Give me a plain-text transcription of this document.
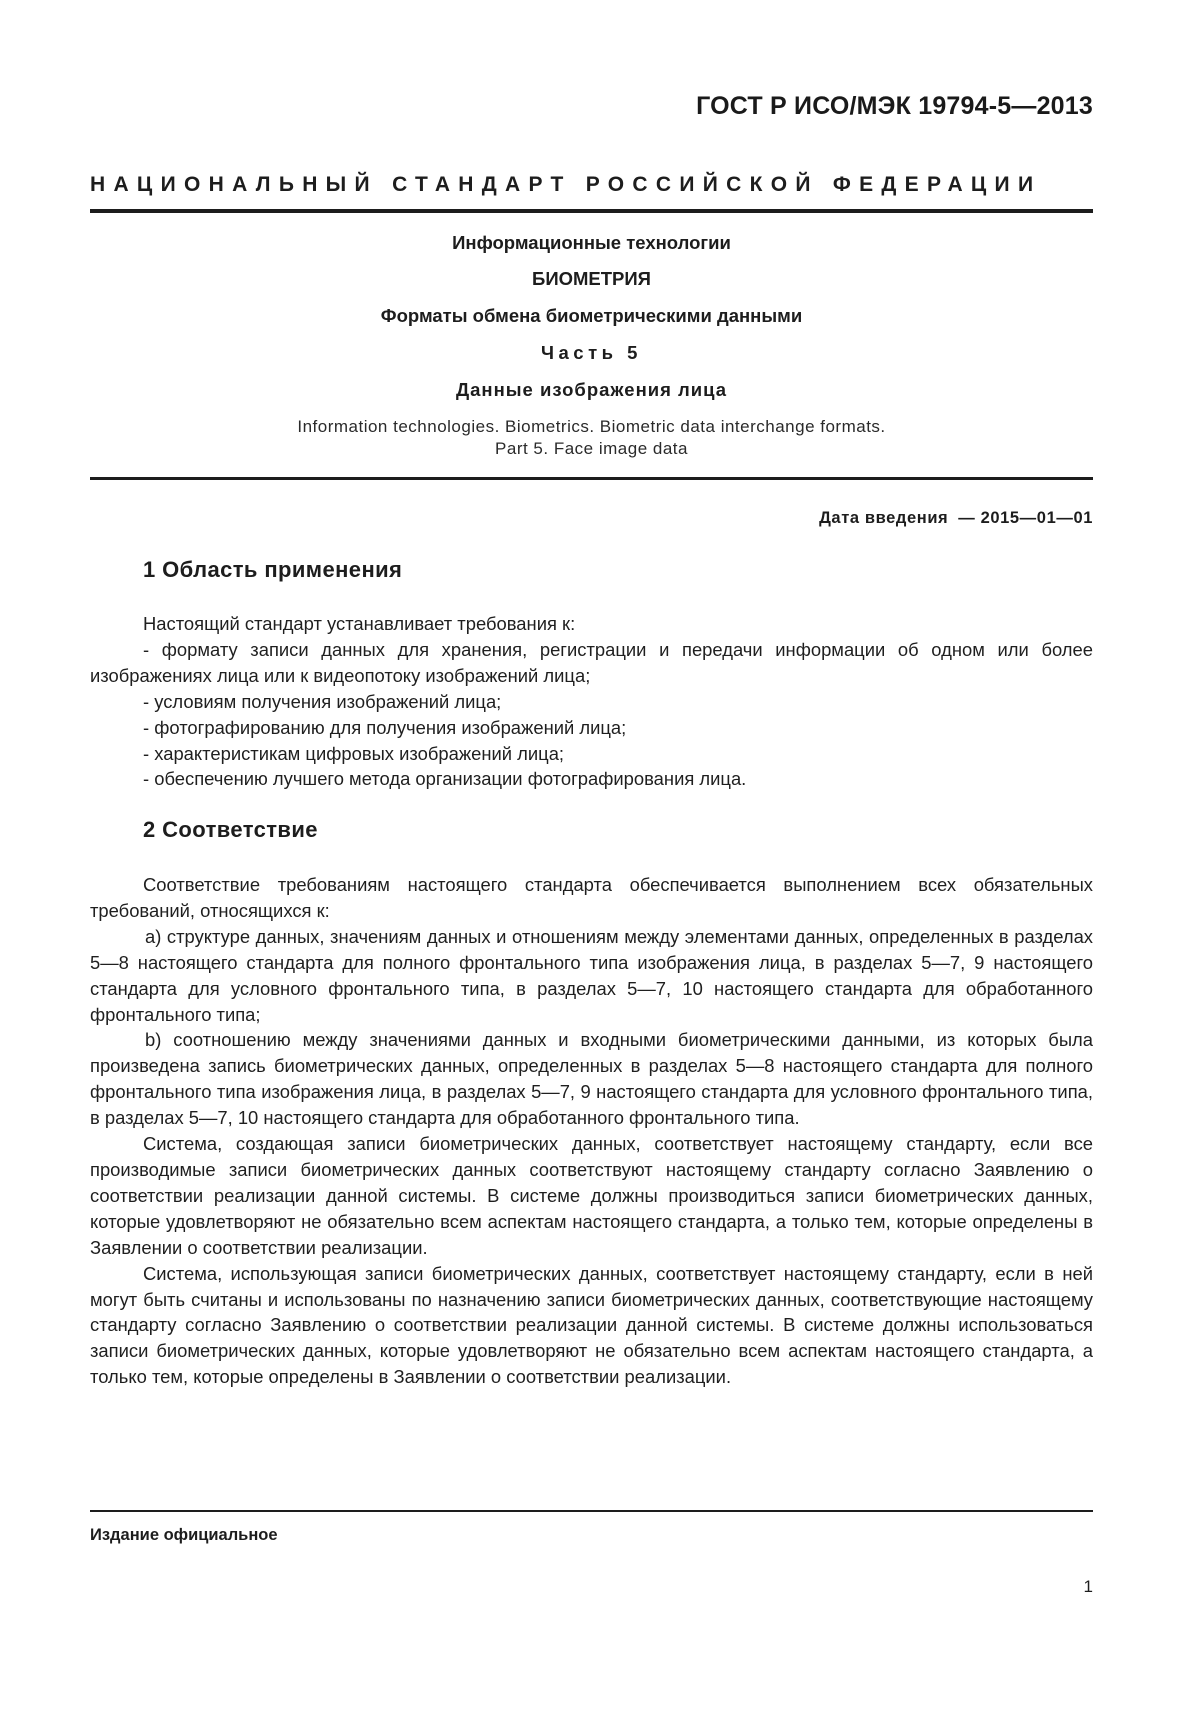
ГОСТ Р ИСО/МЭК 19794-5—2013
НАЦИОНАЛЬНЫЙ СТАНДАРТ РОССИЙСКОЙ ФЕДЕРАЦИИ
Информационные технологии
БИОМЕТРИЯ
Форматы обмена биометрическими данными
Часть 5
Данные изображения лица
Information technologies. Biometrics. Biometric data interchange formats.
Part 5. Face image data
Дата введения — 2015—01—01
1 Область применения

Настоящий стандарт устанавливает требования к:

- формату записи данных для хранения, регистрации и передачи информации об одном или более изображениях лица или к видеопотоку изображений лица;

- условиям получения изображений лица;

- фотографированию для получения изображений лица;

- характеристикам цифровых изображений лица;

- обеспечению лучшего метода организации фотографирования лица.

2 Соответствие

Соответствие требованиям настоящего стандарта обеспечивается выполнением всех обязательных требований, относящихся к:

a) структуре данных, значениям данных и отношениям между элементами данных, определенных в разделах 5—8 настоящего стандарта для полного фронтального типа изображения лица, в разделах 5—7, 9 настоящего стандарта для условного фронтального типа, в разделах 5—7, 10 настоящего стандарта для обработанного фронтального типа;

b) соотношению между значениями данных и входными биометрическими данными, из которых была произведена запись биометрических данных, определенных в разделах 5—8 настоящего стандарта для полного фронтального типа изображения лица, в разделах 5—7, 9 настоящего стандарта для условного фронтального типа, в разделах 5—7, 10 настоящего стандарта для обработанного фронтального типа.

Система, создающая записи биометрических данных, соответствует настоящему стандарту, если все производимые записи биометрических данных соответствуют настоящему стандарту согласно Заявлению о соответствии реализации данной системы. В системе должны производиться записи биометрических данных, которые удовлетворяют не обязательно всем аспектам настоящего стандарта, а только тем, которые определены в Заявлении о соответствии реализации.

Система, использующая записи биометрических данных, соответствует настоящему стандарту, если в ней могут быть считаны и использованы по назначению записи биометрических данных, соответствующие настоящему стандарту согласно Заявлению о соответствии реализации данной системы. В системе должны использоваться записи биометрических данных, которые удовлетворяют не обязательно всем аспектам настоящего стандарта, а только тем, которые определены в Заявлении о соответствии реализации.

Издание официальное
1
